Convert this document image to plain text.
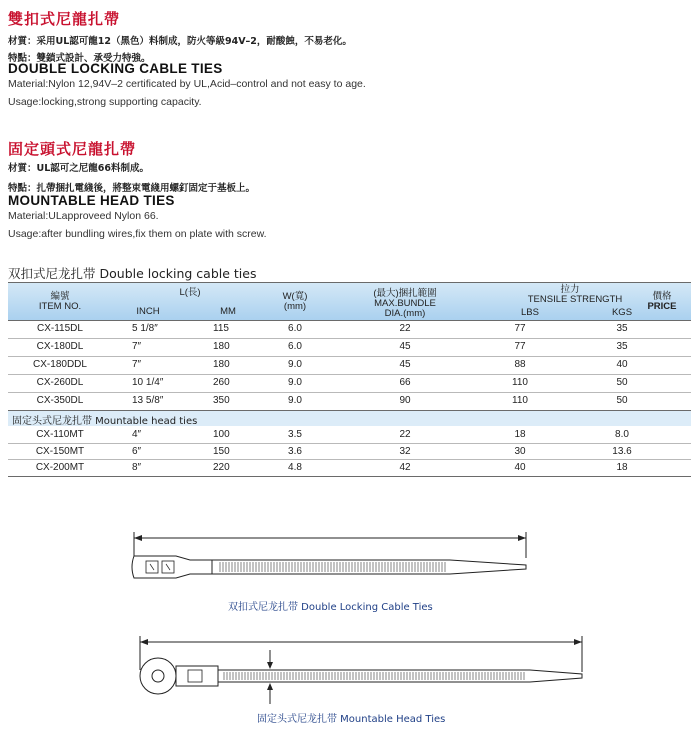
雙扣式尼龍扎帶
材質：采用UL認可龍12（黑色）料制成，防火等級94V–2，耐酸蝕，不易老化。
特點：雙鎖式設計、承受力特強。
DOUBLE LOCKING CABLE TIES
Material:Nylon 12,94V–2 certificated by UL,Acid–control and not easy to age.
Usage:locking,strong supporting capacity.
固定頭式尼龍扎帶
材質：UL認可之尼龍66料制成。
特點：扎帶捆扎電綫後，將整束電綫用螺釘固定于基板上。
MOUNTABLE HEAD TIES
Material:ULapproveed Nylon 66.
Usage:after bundling wires,fix them on plate with screw.
双扣式尼龙扎带 Double locking cable ties
編號
ITEM NO.
L(長)
INCH	MM
W(寬)
(mm)
(最大)捆扎範圍
MAX.BUNDLE
DIA.(mm)
拉力
TENSILE STRENGTH
LBS	KGS
價格
PRICE
CX-115DL	5 1/8″	115	6.0	22	77	35
CX-180DL	7″	180	6.0	45	77	35
CX-180DDL	7″	180	9.0	45	88	40
CX-260DL	10 1/4″	260	9.0	66	110	50
CX-350DL	13 5/8″	350	9.0	90	110	50
固定头式尼龙扎带 Mountable head ties
CX-110MT	4″	100	3.5	22	18	8.0
CX-150MT	6″	150	3.6	32	30	13.6
CX-200MT	8″	220	4.8	42	40	18
双扣式尼龙扎带 Double Locking Cable Ties
固定头式尼龙扎带 Mountable Head Ties
